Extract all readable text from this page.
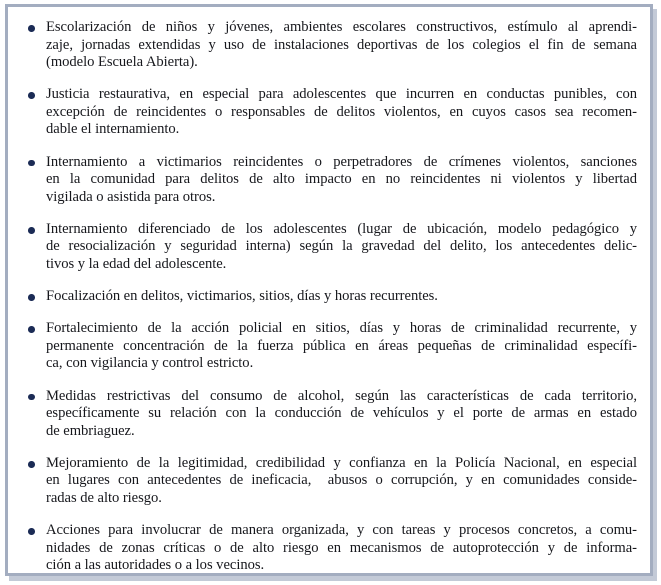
Escolarización de niños y jóvenes, ambientes escolares constructivos, estímulo al aprendi-
zaje, jornadas extendidas y uso de instalaciones deportivas de los colegios el fin de semana
(modelo Escuela Abierta).
Justicia restaurativa, en especial para adolescentes que incurren en conductas punibles, con
excepción de reincidentes o responsables de delitos violentos, en cuyos casos sea recomen-
dable el internamiento.
Internamiento a victimarios reincidentes o perpetradores de crímenes violentos, sanciones
en la comunidad para delitos de alto impacto en no reincidentes ni violentos y libertad
vigilada o asistida para otros.
Internamiento diferenciado de los adolescentes (lugar de ubicación, modelo pedagógico y
de resocialización y seguridad interna) según la gravedad del delito, los antecedentes delic-
tivos y la edad del adolescente.
Focalización en delitos, victimarios, sitios, días y horas recurrentes.
Fortalecimiento de la acción policial en sitios, días y horas de criminalidad recurrente, y
permanente concentración de la fuerza pública en áreas pequeñas de criminalidad específi-
ca, con vigilancia y control estricto.
Medidas restrictivas del consumo de alcohol, según las características de cada territorio,
específicamente su relación con la conducción de vehículos y el porte de armas en estado
de embriaguez.
Mejoramiento de la legitimidad, credibilidad y confianza en la Policía Nacional, en especial
en lugares con antecedentes de ineficacia,  abusos o corrupción, y en comunidades conside-
radas de alto riesgo.
Acciones para involucrar de manera organizada, y con tareas y procesos concretos, a comu-
nidades de zonas críticas o de alto riesgo en mecanismos de autoprotección y de informa-
ción a las autoridades o a los vecinos.
